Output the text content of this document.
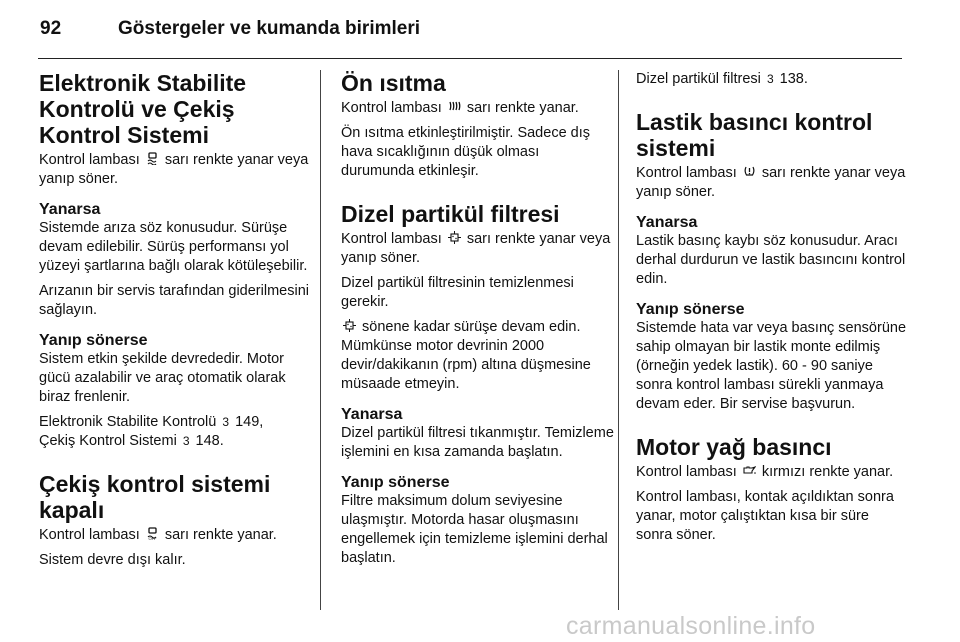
92	Göstergeler ve kumanda birimleri
Elektronik Stabilite Kontrolü ve Çekiş Kontrol Sistemi

Kontrol lambası sarı renkte yanar veya yanıp söner.

Yanarsa

Sistemde arıza söz konusudur. Sürüşe devam edilebilir. Sürüş performansı yol yüzeyi şartlarına bağlı olarak kötüleşebilir.

Arızanın bir servis tarafından giderilmesini sağlayın.

Yanıp sönerse

Sistem etkin şekilde devrededir. Motor gücü azalabilir ve araç otomatik olarak biraz frenlenir.

Elektronik Stabilite Kontrolü 3 149,
Çekiş Kontrol Sistemi 3 148.

Çekiş kontrol sistemi kapalı

Kontrol lambası OFF sarı renkte yanar.

Sistem devre dışı kalır.

Ön ısıtma

Kontrol lambası sarı renkte yanar.

Ön ısıtma etkinleştirilmiştir. Sadece dış hava sıcaklığının düşük olması durumunda etkinleşir.

Dizel partikül filtresi

Kontrol lambası sarı renkte yanar veya yanıp söner.

Dizel partikül filtresinin temizlenmesi gerekir.

sönene kadar sürüşe devam edin. Mümkünse motor devrinin 2000 devir/dakikanın (rpm) altına düşmesine müsaade etmeyin.

Yanarsa

Dizel partikül filtresi tıkanmıştır. Temizleme işlemini en kısa zamanda başlatın.

Yanıp sönerse

Filtre maksimum dolum seviyesine ulaşmıştır. Motorda hasar oluşmasını engellemek için temizleme işlemini derhal başlatın.

Dizel partikül filtresi 3 138.

Lastik basıncı kontrol sistemi

Kontrol lambası sarı renkte yanar veya yanıp söner.

Yanarsa

Lastik basınç kaybı söz konusudur. Aracı derhal durdurun ve lastik basıncını kontrol edin.

Yanıp sönerse

Sistemde hata var veya basınç sensörüne sahip olmayan bir lastik monte edilmiş (örneğin yedek lastik). 60 - 90 saniye sonra kontrol lambası sürekli yanmaya devam eder. Bir servise başvurun.

Motor yağ basıncı

Kontrol lambası kırmızı renkte yanar.

Kontrol lambası, kontak açıldıktan sonra yanar, motor çalıştıktan kısa bir süre sonra söner.

carmanualsonline.info
